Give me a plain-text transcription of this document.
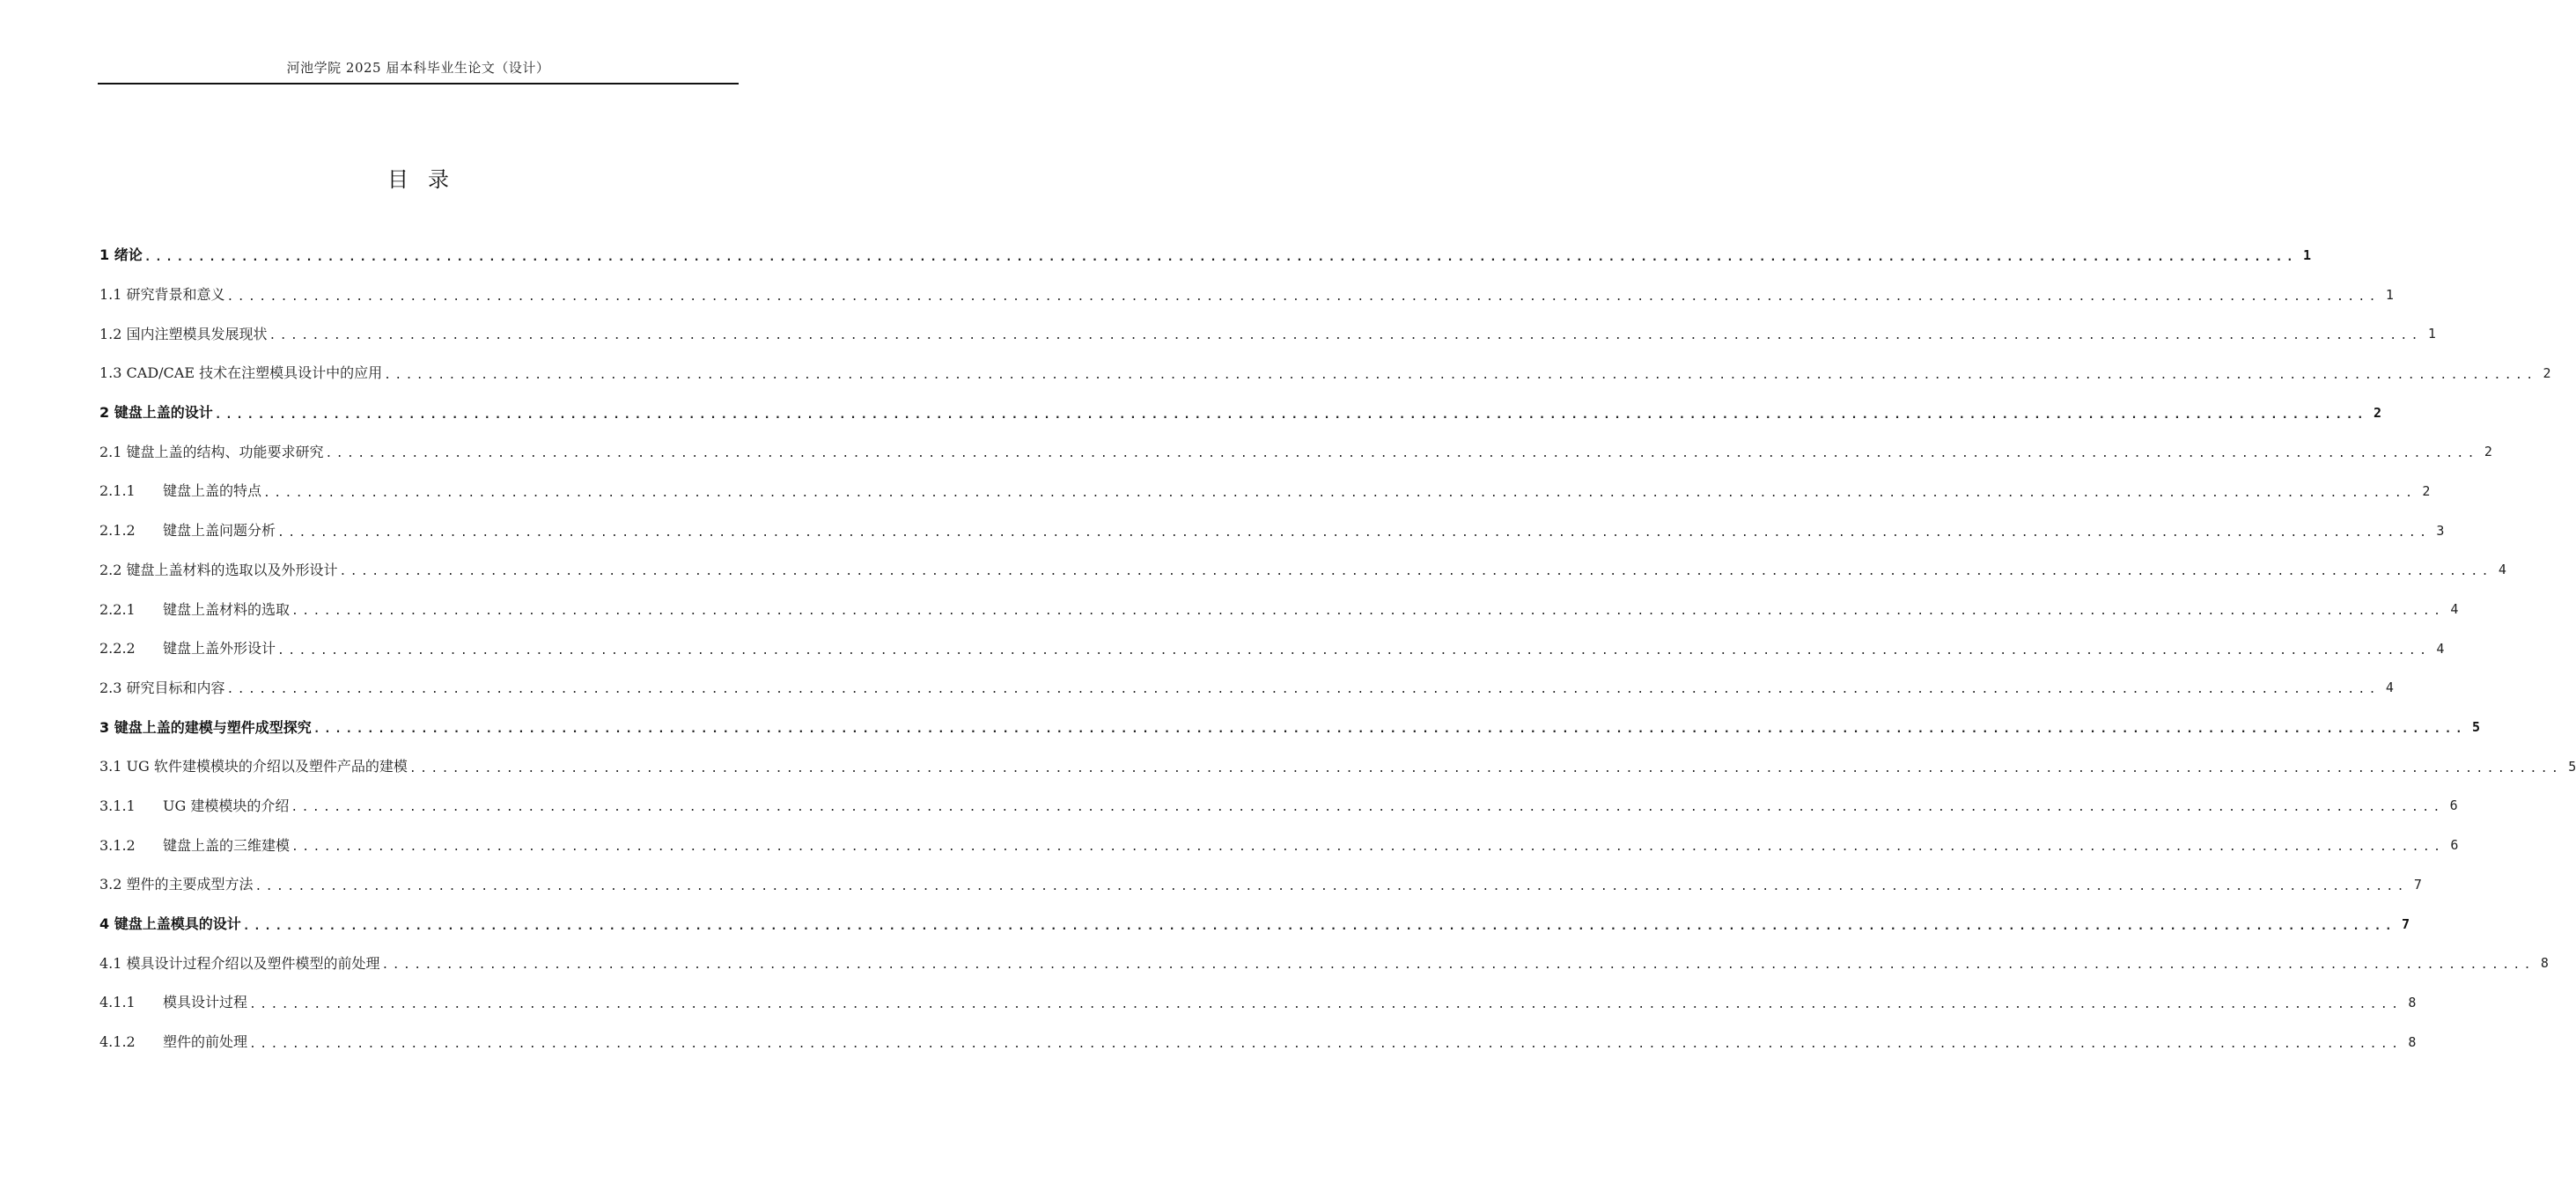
河池学院 2025 届本科毕业生论文（设计）
目录
1 绪论 ........................................................................................................................................................................................................ 1
1.1 研究背景和意义 ........................................................................................................................................................................................................ 1
1.2 国内注塑模具发展现状 ........................................................................................................................................................................................................ 1
1.3 CAD/CAE 技术在注塑模具设计中的应用 ........................................................................................................................................................................................................ 2
2 键盘上盖的设计 ........................................................................................................................................................................................................ 2
2.1 键盘上盖的结构、功能要求研究 ........................................................................................................................................................................................................ 2
2.1.1	键盘上盖的特点 ........................................................................................................................................................................................................ 2
2.1.2	键盘上盖问题分析 ........................................................................................................................................................................................................ 3
2.2 键盘上盖材料的选取以及外形设计 ........................................................................................................................................................................................................ 4
2.2.1	键盘上盖材料的选取 ........................................................................................................................................................................................................ 4
2.2.2	键盘上盖外形设计 ........................................................................................................................................................................................................ 4
2.3 研究目标和内容 ........................................................................................................................................................................................................ 4
3 键盘上盖的建模与塑件成型探究 ........................................................................................................................................................................................................ 5
3.1 UG 软件建模模块的介绍以及塑件产品的建模 ........................................................................................................................................................................................................ 5
3.1.1	UG 建模模块的介绍 ........................................................................................................................................................................................................ 6
3.1.2	键盘上盖的三维建模 ........................................................................................................................................................................................................ 6
3.2 塑件的主要成型方法 ........................................................................................................................................................................................................ 7
4 键盘上盖模具的设计 ........................................................................................................................................................................................................ 7
4.1 模具设计过程介绍以及塑件模型的前处理 ........................................................................................................................................................................................................ 8
4.1.1	模具设计过程 ........................................................................................................................................................................................................ 8
4.1.2	塑件的前处理 ........................................................................................................................................................................................................ 8
